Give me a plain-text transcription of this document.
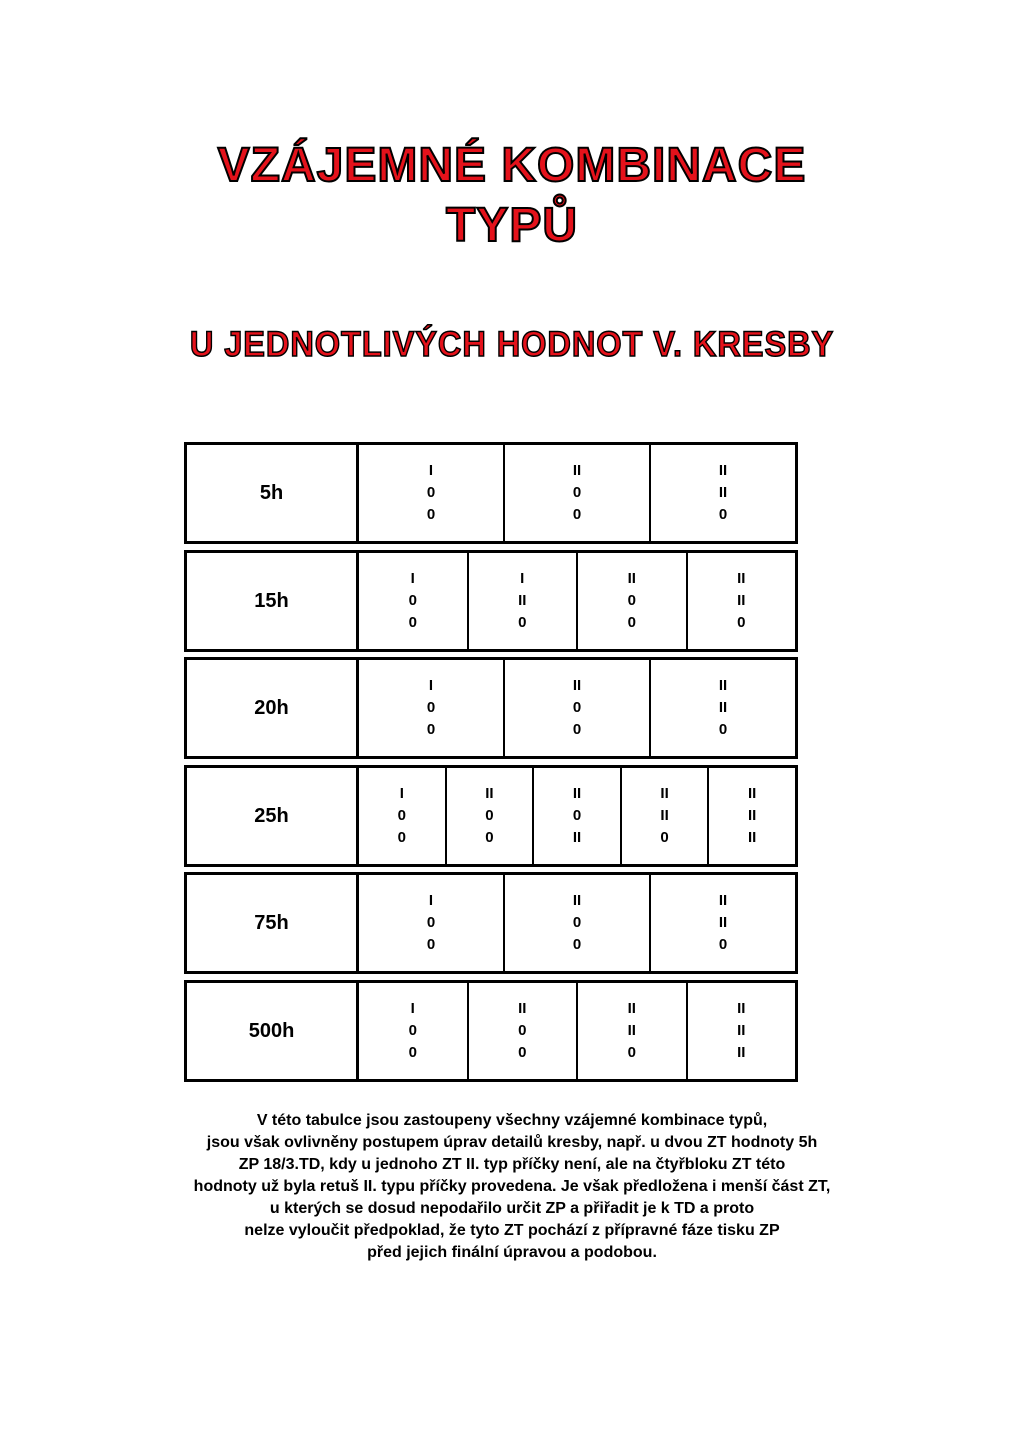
VZÁJEMNÉ KOMBINACE
TYPŮ
U JEDNOTLIVÝCH HODNOT V. KRESBY
5h
I
0
0
II
0
0
II
II
0
15h
I
0
0
I
II
0
II
0
0
II
II
0
20h
I
0
0
II
0
0
II
II
0
25h
I
0
0
II
0
0
II
0
II
II
II
0
II
II
II
75h
I
0
0
II
0
0
II
II
0
500h
I
0
0
II
0
0
II
II
0
II
II
II
V této tabulce jsou zastoupeny všechny vzájemné kombinace typů,
jsou však ovlivněny postupem úprav detailů kresby, např. u dvou ZT hodnoty 5h
ZP 18/3.TD, kdy u jednoho ZT II. typ příčky není, ale na čtyřbloku ZT této
hodnoty už byla retuš II. typu příčky provedena. Je však předložena i menší část ZT,
u kterých se dosud nepodařilo určit ZP a přiřadit je k TD a proto
nelze vyloučit předpoklad, že tyto ZT pochází z přípravné fáze tisku ZP
před jejich finální úpravou a podobou.
